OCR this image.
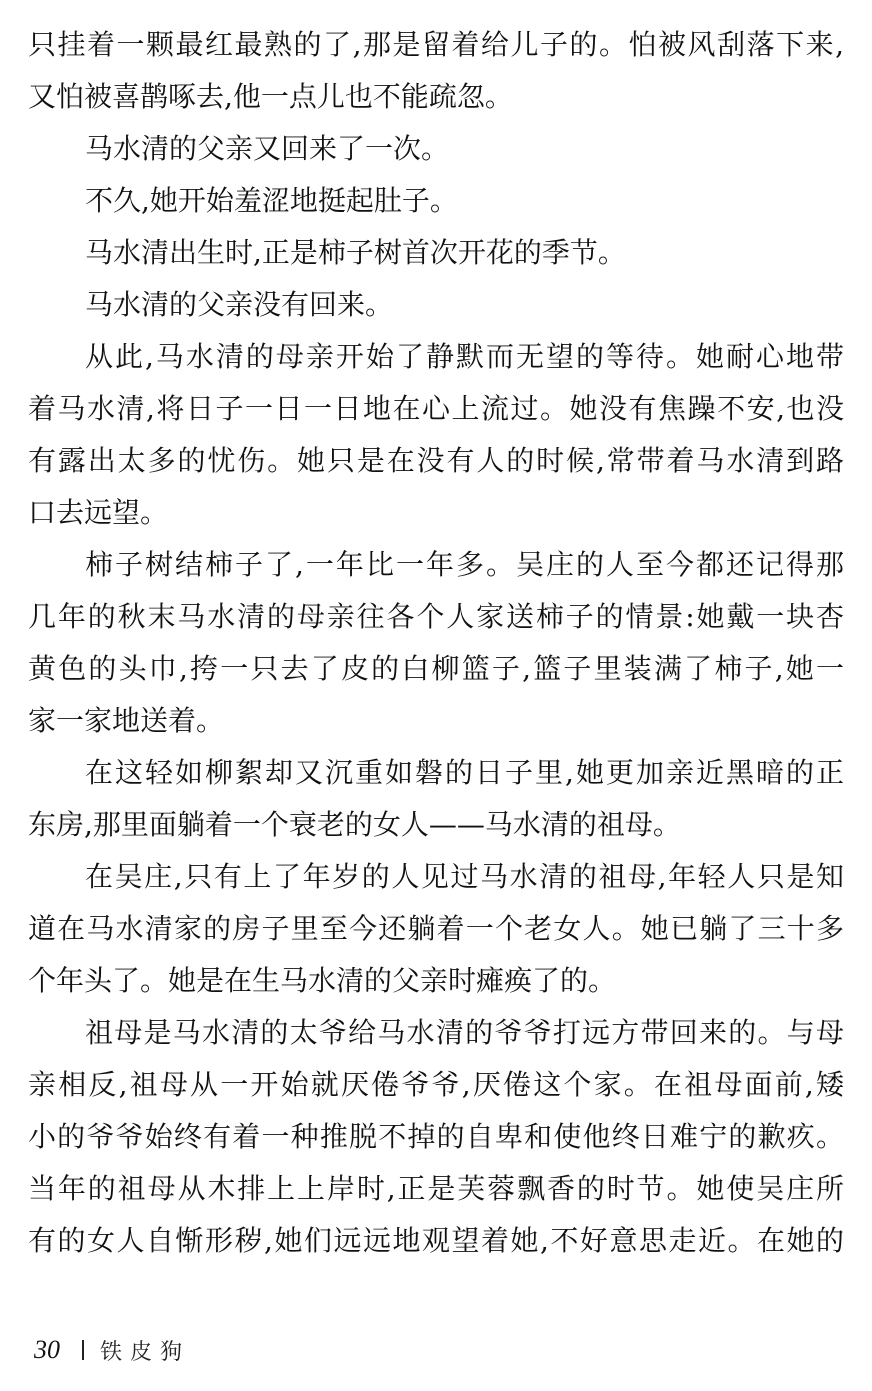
只挂着一颗最红最熟的了,那是留着给儿子的。怕被风刮落下来,
又怕被喜鹊啄去,他一点儿也不能疏忽。
马水清的父亲又回来了一次。
不久,她开始羞涩地挺起肚子。
马水清出生时,正是柿子树首次开花的季节。
马水清的父亲没有回来。
从此,马水清的母亲开始了静默而无望的等待。她耐心地带
着马水清,将日子一日一日地在心上流过。她没有焦躁不安,也没
有露出太多的忧伤。她只是在没有人的时候,常带着马水清到路
口去远望。
柿子树结柿子了,一年比一年多。吴庄的人至今都还记得那
几年的秋末马水清的母亲往各个人家送柿子的情景:她戴一块杏
黄色的头巾,挎一只去了皮的白柳篮子,篮子里装满了柿子,她一
家一家地送着。
在这轻如柳絮却又沉重如磐的日子里,她更加亲近黑暗的正
东房,那里面躺着一个衰老的女人——马水清的祖母。
在吴庄,只有上了年岁的人见过马水清的祖母,年轻人只是知
道在马水清家的房子里至今还躺着一个老女人。她已躺了三十多
个年头了。她是在生马水清的父亲时瘫痪了的。
祖母是马水清的太爷给马水清的爷爷打远方带回来的。与母
亲相反,祖母从一开始就厌倦爷爷,厌倦这个家。在祖母面前,矮
小的爷爷始终有着一种推脱不掉的自卑和使他终日难宁的歉疚。
当年的祖母从木排上上岸时,正是芙蓉飘香的时节。她使吴庄所
有的女人自惭形秽,她们远远地观望着她,不好意思走近。在她的
30	铁皮狗
